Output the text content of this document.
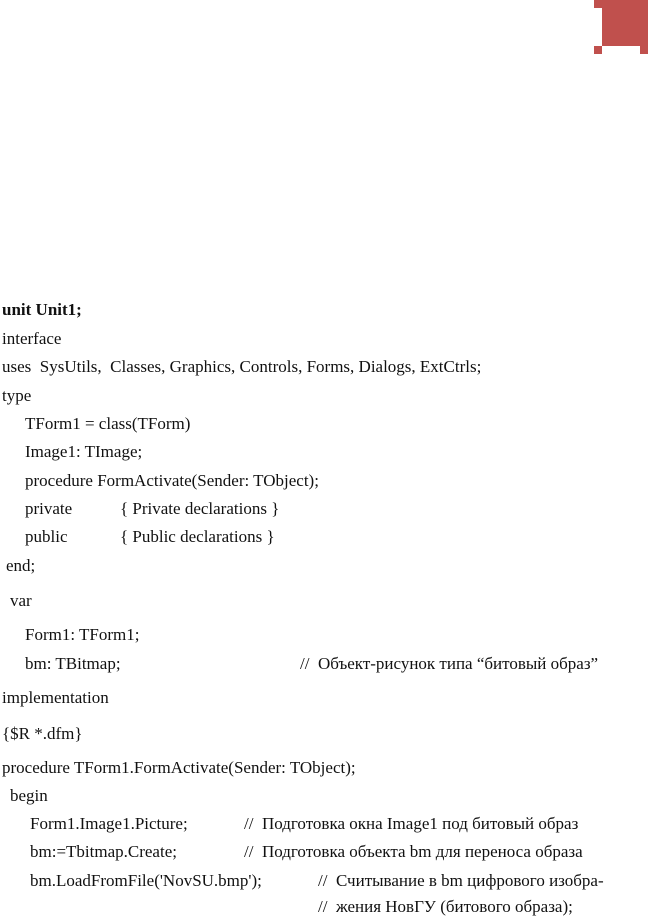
unit Unit1;
interface
uses  SysUtils,  Classes, Graphics, Controls, Forms, Dialogs, ExtCtrls;
type
TForm1 = class(TForm)
Image1: TImage;
procedure FormActivate(Sender: TObject);
private	{ Private declarations }
public	{ Public declarations }
end;
var
Form1: TForm1;
bm: TBitmap;	//  Объект-рисунок типа “битовый образ”
implementation
{$R *.dfm}
procedure TForm1.FormActivate(Sender: TObject);
begin
Form1.Image1.Picture;	//  Подготовка окна Image1 под битовый образ
bm:=Tbitmap.Create;	//  Подготовка объекта bm для переноса образа
bm.LoadFromFile('NovSU.bmp');	//  Считывание в bm цифрового изобра-
//  жения НовГУ (битового образа);
